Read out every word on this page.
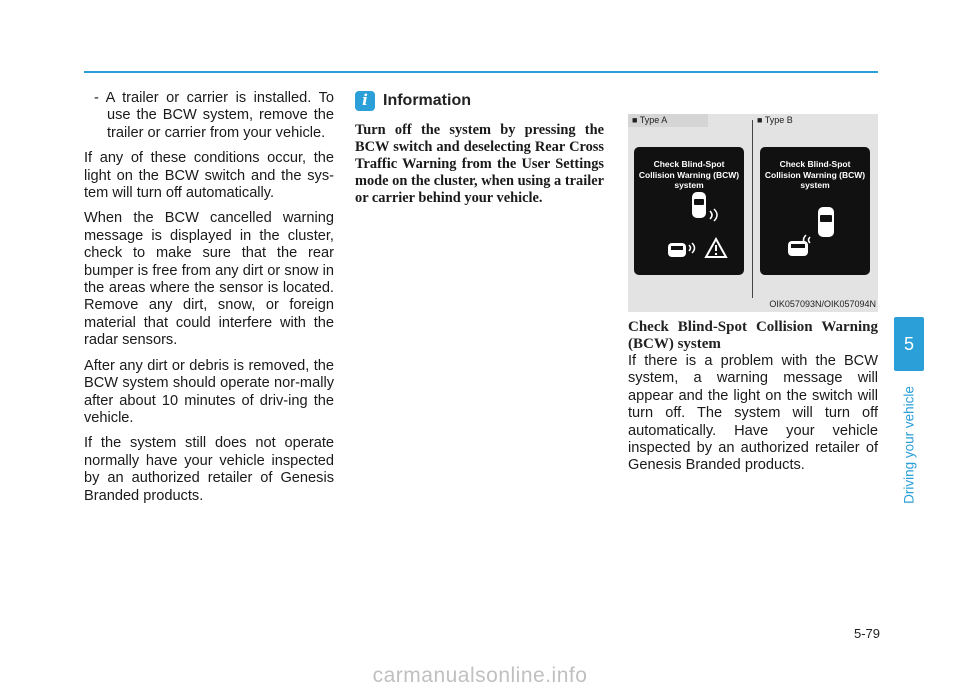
- A trailer or carrier is installed. To use the BCW system, remove the trailer or carrier from your vehicle.

If any of these conditions occur, the light on the BCW switch and the sys-tem will turn off automatically.

When the BCW cancelled warning message is displayed in the cluster, check to make sure that the rear bumper is free from any dirt or snow in the areas where the sensor is located. Remove any dirt, snow, or foreign material that could interfere with the radar sensors.

After any dirt or debris is removed, the BCW system should operate nor-mally after about 10 minutes of driv-ing the vehicle.

If the system still does not operate normally have your vehicle inspected by an authorized retailer of Genesis Branded products.

i Information

Turn off the system by pressing the BCW switch and deselecting Rear Cross Traffic Warning from the User Settings mode on the cluster, when using a trailer or carrier behind your vehicle.

■ Type A	■ Type B
Check Blind-Spot Collision Warning (BCW) system
Check Blind-Spot Collision Warning (BCW) system
OIK057093N/OIK057094N

Check Blind-Spot Collision Warning (BCW) system

If there is a problem with the BCW system, a warning message will appear and the light on the switch will turn off. The system will turn off automatically. Have your vehicle inspected by an authorized retailer of Genesis Branded products.

5
Driving your vehicle
5-79
carmanualsonline.info
